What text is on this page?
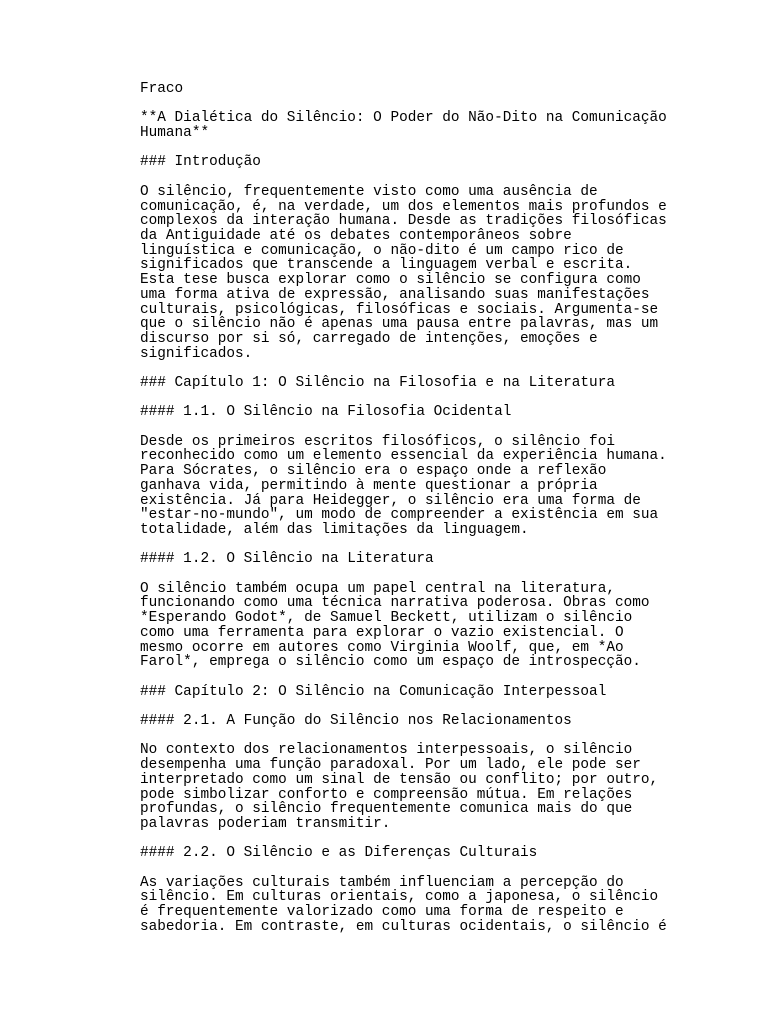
Fraco
**A Dialética do Silêncio: O Poder do Não-Dito na Comunicação
Humana**
### Introdução
O silêncio, frequentemente visto como uma ausência de
comunicação, é, na verdade, um dos elementos mais profundos e
complexos da interação humana. Desde as tradições filosóficas
da Antiguidade até os debates contemporâneos sobre
linguística e comunicação, o não-dito é um campo rico de
significados que transcende a linguagem verbal e escrita.
Esta tese busca explorar como o silêncio se configura como
uma forma ativa de expressão, analisando suas manifestações
culturais, psicológicas, filosóficas e sociais. Argumenta-se
que o silêncio não é apenas uma pausa entre palavras, mas um
discurso por si só, carregado de intenções, emoções e
significados.
### Capítulo 1: O Silêncio na Filosofia e na Literatura
#### 1.1. O Silêncio na Filosofia Ocidental
Desde os primeiros escritos filosóficos, o silêncio foi
reconhecido como um elemento essencial da experiência humana.
Para Sócrates, o silêncio era o espaço onde a reflexão
ganhava vida, permitindo à mente questionar a própria
existência. Já para Heidegger, o silêncio era uma forma de
"estar-no-mundo", um modo de compreender a existência em sua
totalidade, além das limitações da linguagem.
#### 1.2. O Silêncio na Literatura
O silêncio também ocupa um papel central na literatura,
funcionando como uma técnica narrativa poderosa. Obras como
*Esperando Godot*, de Samuel Beckett, utilizam o silêncio
como uma ferramenta para explorar o vazio existencial. O
mesmo ocorre em autores como Virginia Woolf, que, em *Ao
Farol*, emprega o silêncio como um espaço de introspecção.
### Capítulo 2: O Silêncio na Comunicação Interpessoal
#### 2.1. A Função do Silêncio nos Relacionamentos
No contexto dos relacionamentos interpessoais, o silêncio
desempenha uma função paradoxal. Por um lado, ele pode ser
interpretado como um sinal de tensão ou conflito; por outro,
pode simbolizar conforto e compreensão mútua. Em relações
profundas, o silêncio frequentemente comunica mais do que
palavras poderiam transmitir.
#### 2.2. O Silêncio e as Diferenças Culturais
As variações culturais também influenciam a percepção do
silêncio. Em culturas orientais, como a japonesa, o silêncio
é frequentemente valorizado como uma forma de respeito e
sabedoria. Em contraste, em culturas ocidentais, o silêncio é
